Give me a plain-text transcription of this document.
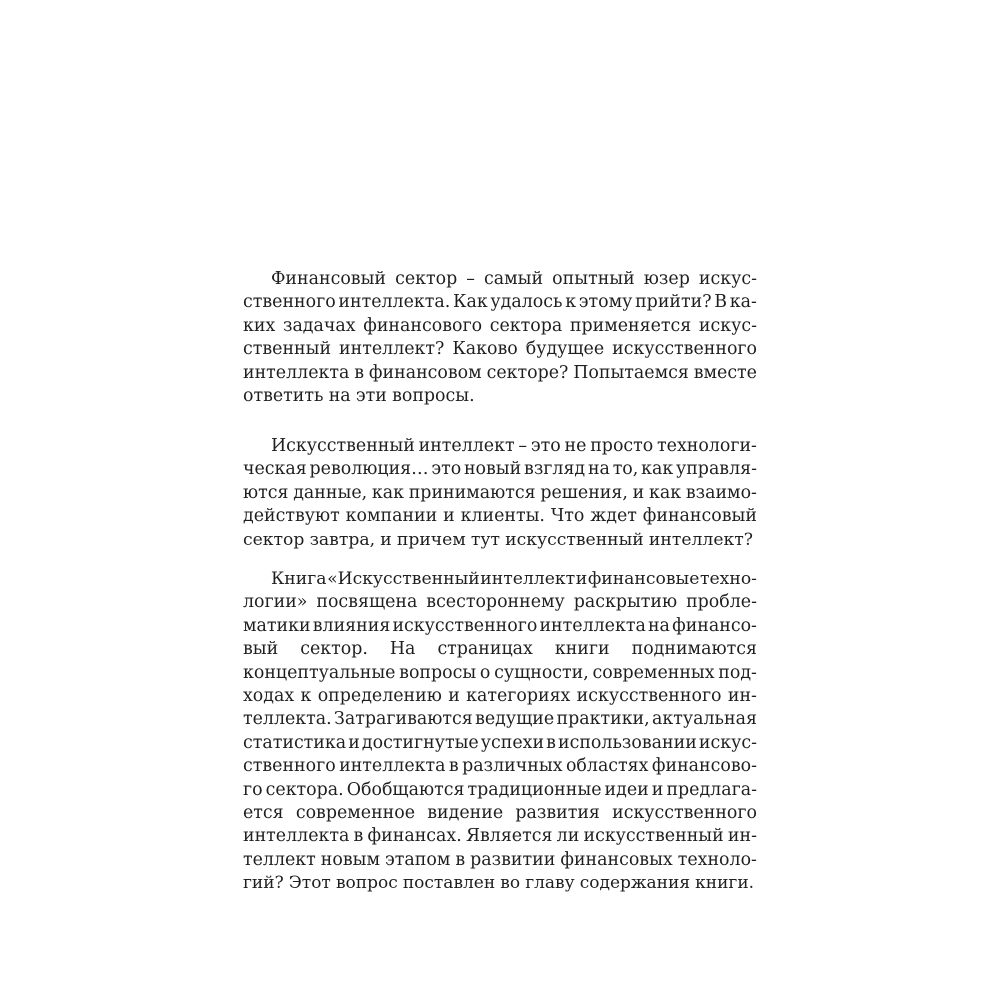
Финансовый сектор – самый опытный юзер искус-
ственного интеллекта. Как удалось к этому прийти? В ка-
ких задачах финансового сектора применяется искус-
ственный интеллект? Каково будущее искусственного
интеллекта в финансовом секторе? Попытаемся вместе
ответить на эти вопросы.
Искусственный интеллект – это не просто технологи-
ческая революция… это новый взгляд на то, как управля-
ются данные, как принимаются решения, и как взаимо-
действуют компании и клиенты. Что ждет финансовый
сектор завтра, и причем тут искусственный интеллект?
Книга «Искусственный интеллект и финансовые техно-
логии» посвящена всестороннему раскрытию пробле-
матики влияния искусственного интеллекта на финансо-
вый сектор. На страницах книги поднимаются
концептуальные вопросы о сущности, современных под-
ходах к определению и категориях искусственного ин-
теллекта. Затрагиваются ведущие практики, актуальная
статистика и достигнутые успехи в использовании искус-
ственного интеллекта в различных областях финансово-
го сектора. Обобщаются традиционные идеи и предлага-
ется современное видение развития искусственного
интеллекта в финансах. Является ли искусственный ин-
теллект новым этапом в развитии финансовых техноло-
гий? Этот вопрос поставлен во главу содержания книги.
